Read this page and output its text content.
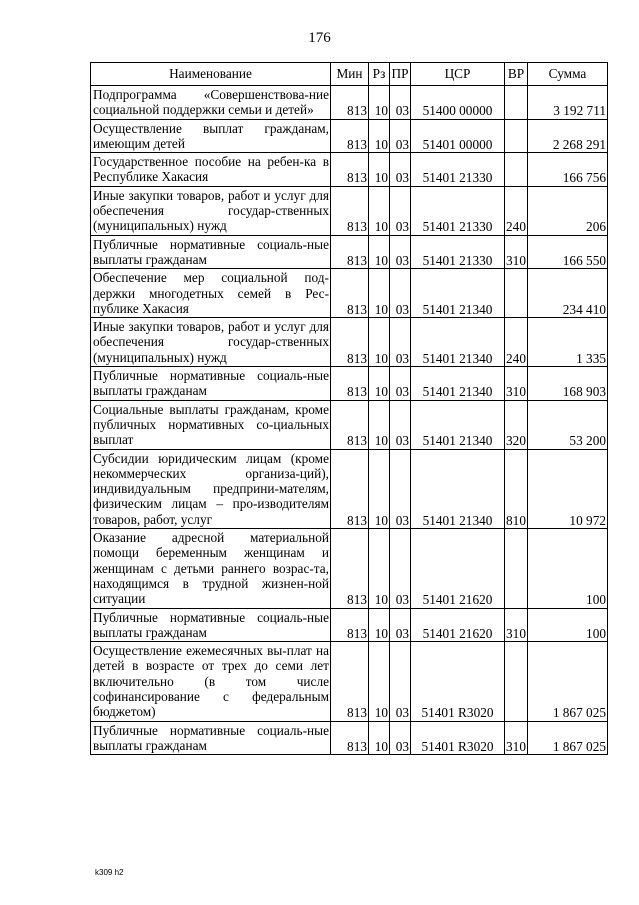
176
Наименование	Мин	Рз	ПР	ЦСР	ВР	Сумма
Подпрограмма «Совершенствова-ние социальной поддержки семьи и детей»	813	10	03	51400 00000		3 192 711
Осуществление выплат гражданам, имеющим детей	813	10	03	51401 00000		2 268 291
Государственное пособие на ребен-ка в Республике Хакасия	813	10	03	51401 21330		166 756
Иные закупки товаров, работ и услуг для обеспечения государ-ственных (муниципальных) нужд	813	10	03	51401 21330	240	206
Публичные нормативные социаль-ные выплаты гражданам	813	10	03	51401 21330	310	166 550
Обеспечение мер социальной под-держки многодетных семей в Рес-публике Хакасия	813	10	03	51401 21340		234 410
Иные закупки товаров, работ и услуг для обеспечения государ-ственных (муниципальных) нужд	813	10	03	51401 21340	240	1 335
Публичные нормативные социаль-ные выплаты гражданам	813	10	03	51401 21340	310	168 903
Социальные выплаты гражданам, кроме публичных нормативных со-циальных выплат	813	10	03	51401 21340	320	53 200
Субсидии юридическим лицам (кроме некоммерческих организа-ций), индивидуальным предприни-мателям, физическим лицам – про-изводителям товаров, работ, услуг	813	10	03	51401 21340	810	10 972
Оказание адресной материальной помощи беременным женщинам и женщинам с детьми раннего возрас-та, находящимся в трудной жизнен-ной ситуации	813	10	03	51401 21620		100
Публичные нормативные социаль-ные выплаты гражданам	813	10	03	51401 21620	310	100
Осуществление ежемесячных вы-плат на детей в возрасте от трех до семи лет включительно (в том числе софинансирование с федеральным бюджетом)	813	10	03	51401 R3020		1 867 025
Публичные нормативные социаль-ные выплаты гражданам	813	10	03	51401 R3020	310	1 867 025
k309 h2
